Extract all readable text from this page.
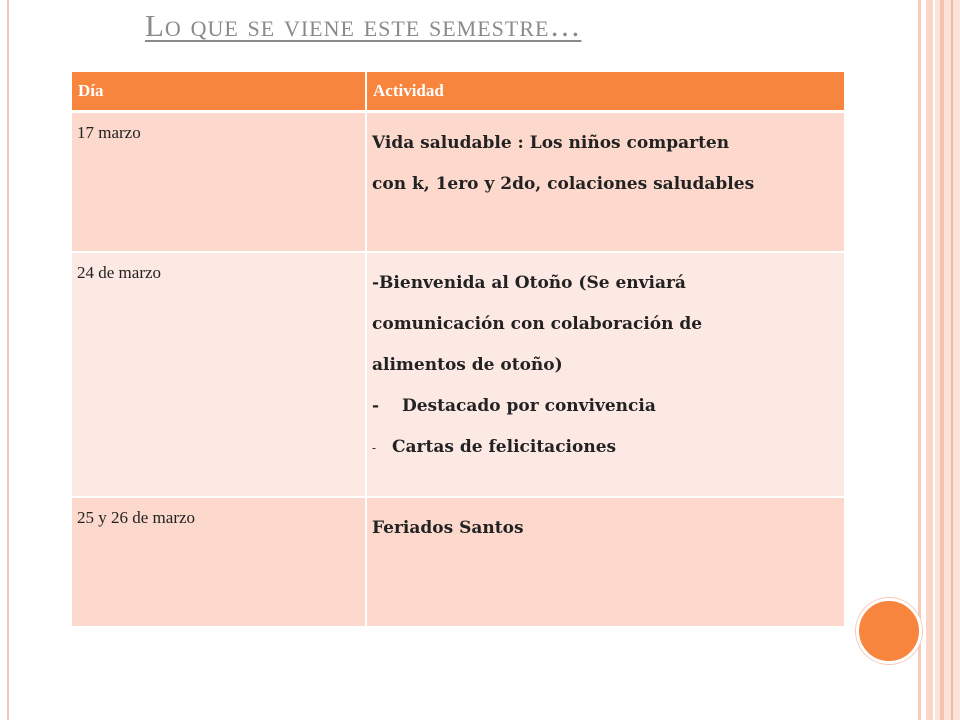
Lo que se viene este semestre…
Día	Actividad
17 marzo	Vida saludable : Los niños comparten
con k, 1ero y 2do, colaciones saludables

24 de marzo	-Bienvenida al Otoño (Se enviará
comunicación con colaboración de
alimentos de otoño)
- Destacado por convivencia
- Cartas de felicitaciones

25 y 26 de marzo	Feriados Santos
